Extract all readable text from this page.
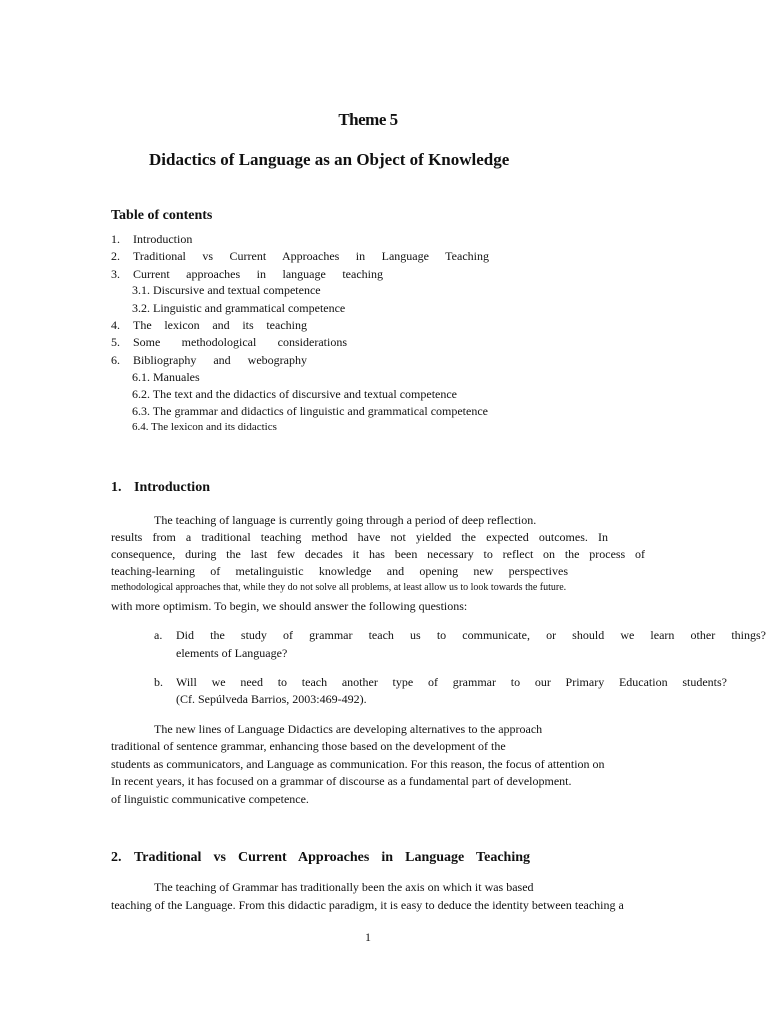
Theme 5

Didactics of Language as an Object of Knowledge

Table of contents

1. Introduction
2. Traditional vs Current Approaches in Language Teaching
3. Current approaches in language teaching
3.1. Discursive and textual competence
3.2. Linguistic and grammatical competence
4. The lexicon and its teaching
5. Some methodological considerations
6. Bibliography and webography
6.1. Manuales
6.2. The text and the didactics of discursive and textual competence
6.3. The grammar and didactics of linguistic and grammatical competence
6.4. The lexicon and its didactics
1. Introduction

The teaching of language is currently going through a period of deep reflection.

results from a traditional teaching method have not yielded the expected outcomes. In

consequence, during the last few decades it has been necessary to reflect on the process of

teaching-learning of metalinguistic knowledge and opening new perspectives

methodological approaches that, while they do not solve all problems, at least allow us to look towards the future.

with more optimism. To begin, we should answer the following questions:

a. Did the study of grammar teach us to communicate, or should we learn other things?

elements of Language?

b. Will we need to teach another type of grammar to our Primary Education students?

(Cf. Sepúlveda Barrios, 2003:469-492).

The new lines of Language Didactics are developing alternatives to the approach

traditional of sentence grammar, enhancing those based on the development of the

students as communicators, and Language as communication. For this reason, the focus of attention on

In recent years, it has focused on a grammar of discourse as a fundamental part of development.

of linguistic communicative competence.

2. Traditional vs Current Approaches in Language Teaching

The teaching of Grammar has traditionally been the axis on which it was based

teaching of the Language. From this didactic paradigm, it is easy to deduce the identity between teaching a

1
